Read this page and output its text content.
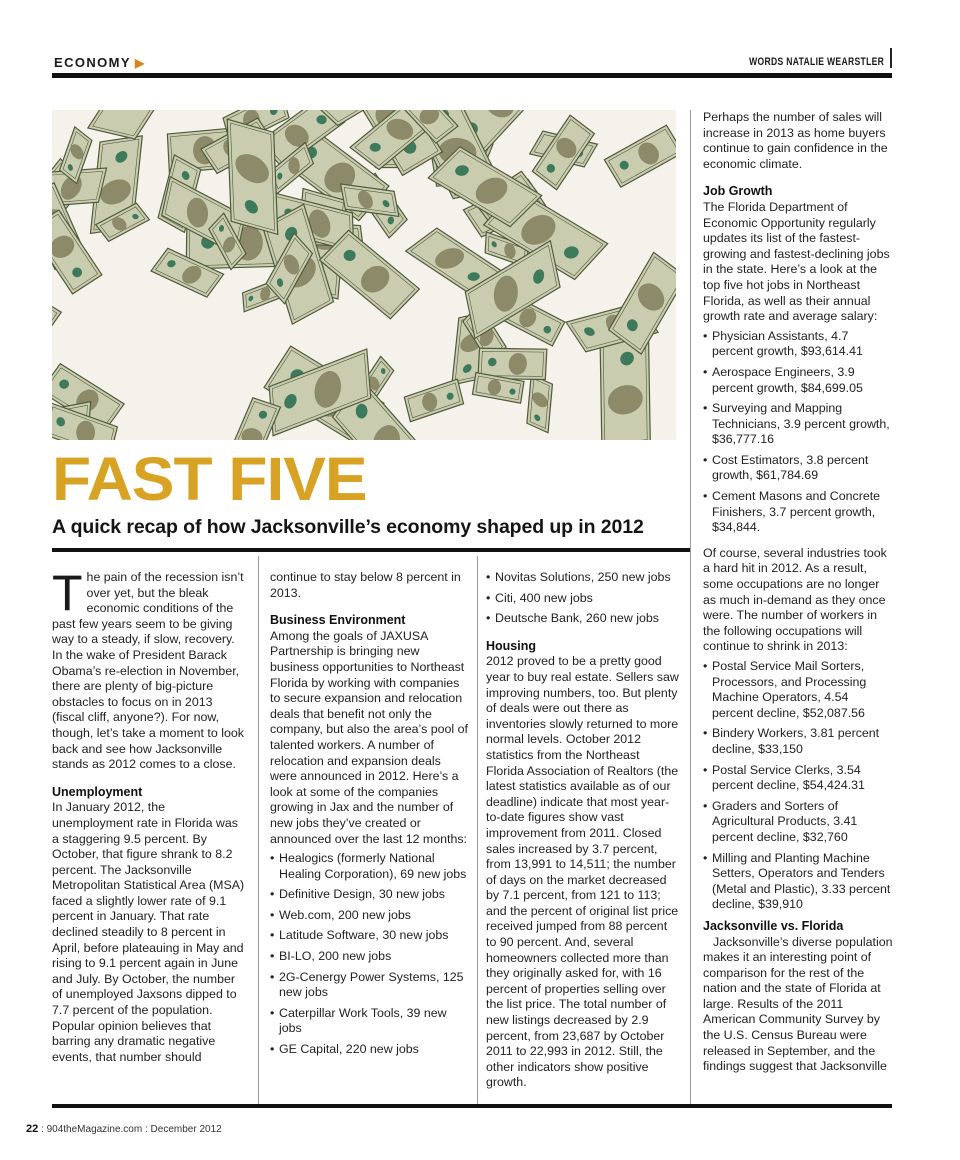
ECONOMY ▶	WORDS NATALIE WEARSTLER
FAST FIVE
A quick recap of how Jacksonville’s economy shaped up in 2012

The pain of the recession isn’t over yet, but the bleak economic conditions of the past few years seem to be giving way to a steady, if slow, recovery. In the wake of President Barack Obama’s re-election in November, there are plenty of big-picture obstacles to focus on in 2013 (fiscal cliff, anyone?). For now, though, let’s take a moment to look back and see how Jacksonville stands as 2012 comes to a close.

Unemployment

In January 2012, the unemployment rate in Florida was a staggering 9.5 percent. By October, that figure shrank to 8.2 percent. The Jacksonville Metropolitan Statistical Area (MSA) faced a slightly lower rate of 9.1 percent in January. That rate declined steadily to 8 percent in April, before plateauing in May and rising to 9.1 percent again in June and July. By October, the number of unemployed Jaxsons dipped to 7.7 percent of the population. Popular opinion believes that barring any dramatic negative events, that number should

continue to stay below 8 percent in 2013.

Business Environment

Among the goals of JAXUSA Partnership is bringing new business opportunities to Northeast Florida by working with companies to secure expansion and relocation deals that benefit not only the company, but also the area’s pool of talented workers. A number of relocation and expansion deals were announced in 2012. Here’s a look at some of the companies growing in Jax and the number of new jobs they’ve created or announced over the last 12 months:

• Healogics (formerly National Healing Corporation), 69 new jobs
• Definitive Design, 30 new jobs
• Web.com, 200 new jobs
• Latitude Software, 30 new jobs
• BI-LO, 200 new jobs
• 2G-Cenergy Power Systems, 125 new jobs
• Caterpillar Work Tools, 39 new jobs
• GE Capital, 220 new jobs
• Novitas Solutions, 250 new jobs
• Citi, 400 new jobs
• Deutsche Bank, 260 new jobs
Housing

2012 proved to be a pretty good year to buy real estate. Sellers saw improving numbers, too. But plenty of deals were out there as inventories slowly returned to more normal levels. October 2012 statistics from the Northeast Florida Association of Realtors (the latest statistics available as of our deadline) indicate that most year-to-date figures show vast improvement from 2011. Closed sales increased by 3.7 percent, from 13,991 to 14,511; the number of days on the market decreased by 7.1 percent, from 121 to 113; and the percent of original list price received jumped from 88 percent to 90 percent. And, several homeowners collected more than they originally asked for, with 16 percent of properties selling over the list price. The total number of new listings decreased by 2.9 percent, from 23,687 by October 2011 to 22,993 in 2012. Still, the other indicators show positive growth.

Perhaps the number of sales will increase in 2013 as home buyers continue to gain confidence in the economic climate.

Job Growth

The Florida Department of Economic Opportunity regularly updates its list of the fastest-growing and fastest-declining jobs in the state. Here’s a look at the top five hot jobs in Northeast Florida, as well as their annual growth rate and average salary:

• Physician Assistants, 4.7 percent growth, $93,614.41
• Aerospace Engineers, 3.9 percent growth, $84,699.05
• Surveying and Mapping Technicians, 3.9 percent growth, $36,777.16
• Cost Estimators, 3.8 percent growth, $61,784.69
• Cement Masons and Concrete Finishers, 3.7 percent growth, $34,844.

Of course, several industries took a hard hit in 2012. As a result, some occupations are no longer as much in-demand as they once were. The number of workers in the following occupations will continue to shrink in 2013:

• Postal Service Mail Sorters, Processors, and Processing Machine Operators, 4.54 percent decline, $52,087.56
• Bindery Workers, 3.81 percent decline, $33,150
• Postal Service Clerks, 3.54 percent decline, $54,424.31
• Graders and Sorters of Agricultural Products, 3.41 percent decline, $32,760
• Milling and Planting Machine Setters, Operators and Tenders (Metal and Plastic), 3.33 percent decline, $39,910
Jacksonville vs. Florida

Jacksonville’s diverse population makes it an interesting point of comparison for the rest of the nation and the state of Florida at large. Results of the 2011 American Community Survey by the U.S. Census Bureau were released in September, and the findings suggest that Jacksonville

22 : 904theMagazine.com : December 2012
